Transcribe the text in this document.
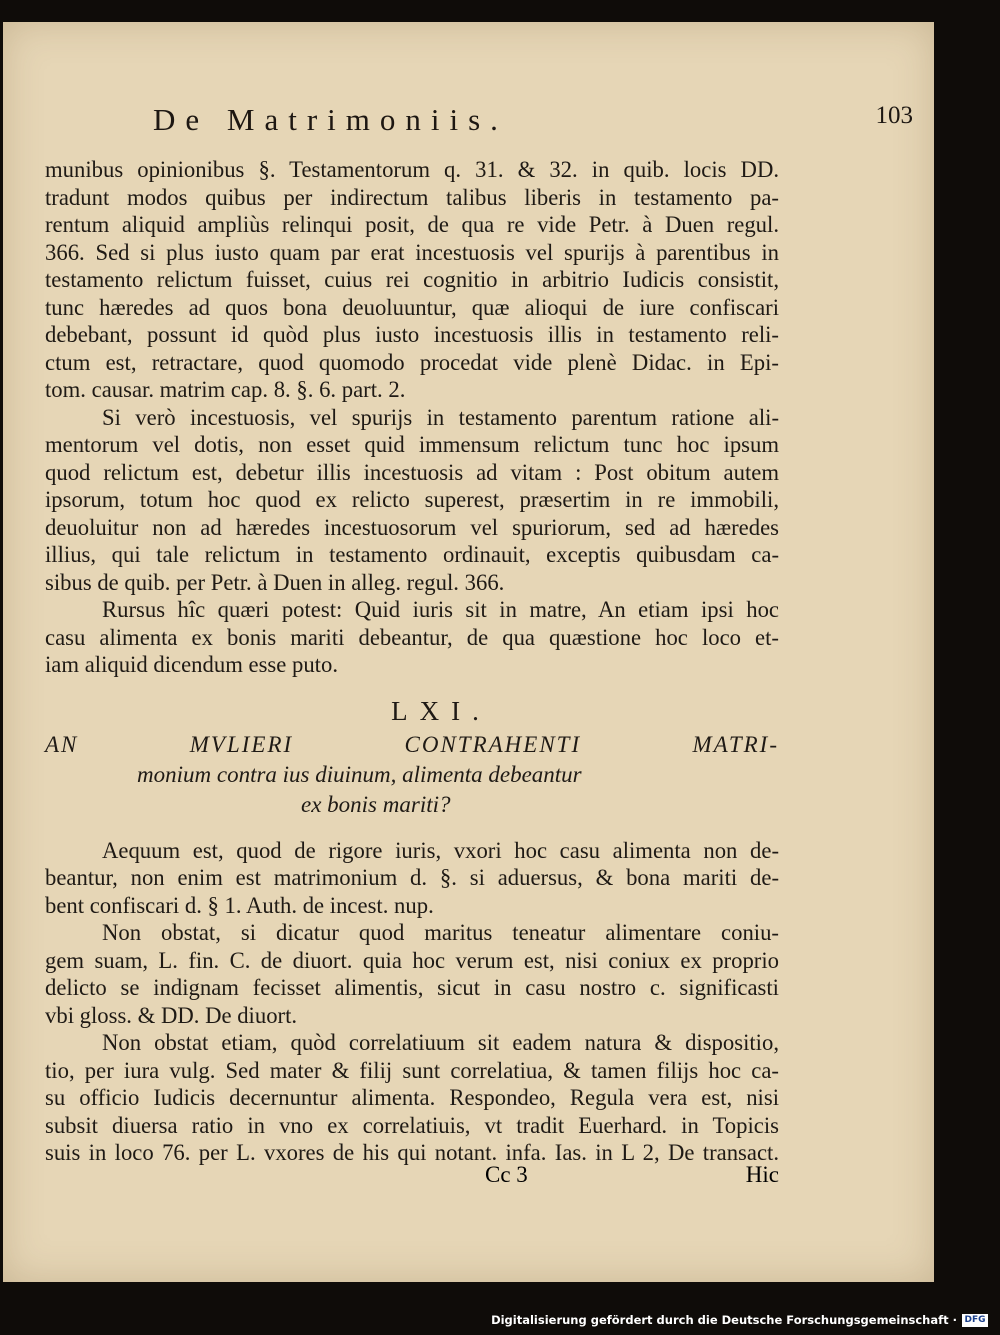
De Matrimoniis.	103
munibus opinionibus §. Testamentorum q. 31. & 32. in quib. locis DD.
tradunt modos quibus per indirectum talibus liberis in testamento pa-
rentum aliquid ampliùs relinqui posit, de qua re vide Petr. à Duen regul.
366. Sed si plus iusto quam par erat incestuosis vel spurijs à parentibus in
testamento relictum fuisset, cuius rei cognitio in arbitrio Iudicis consistit,
tunc hæredes ad quos bona deuoluuntur, quæ alioqui de iure confiscari
debebant, possunt id quòd plus iusto incestuosis illis in testamento reli-
ctum est, retractare, quod quomodo procedat vide plenè Didac. in Epi-
tom. causar. matrim cap. 8. §. 6. part. 2.
Si verò incestuosis, vel spurijs in testamento parentum ratione ali-
mentorum vel dotis, non esset quid immensum relictum tunc hoc ipsum
quod relictum est, debetur illis incestuosis ad vitam : Post obitum autem
ipsorum, totum hoc quod ex relicto superest, præsertim in re immobili,
deuoluitur non ad hæredes incestuosorum vel spuriorum, sed ad hæredes
illius, qui tale relictum in testamento ordinauit, exceptis quibusdam ca-
sibus de quib. per Petr. à Duen in alleg. regul. 366.
Rursus hîc quæri potest: Quid iuris sit in matre, An etiam ipsi hoc
casu alimenta ex bonis mariti debeantur, de qua quæstione hoc loco et-
iam aliquid dicendum esse puto.
LXI.
AN MVLIERI CONTRAHENTI MATRI-
monium contra ius diuinum, alimenta debeantur
ex bonis mariti?
Aequum est, quod de rigore iuris, vxori hoc casu alimenta non de-
beantur, non enim est matrimonium d. §. si aduersus, & bona mariti de-
bent confiscari d. § 1. Auth. de incest. nup.
Non obstat, si dicatur quod maritus teneatur alimentare coniu-
gem suam, L. fin. C. de diuort. quia hoc verum est, nisi coniux ex proprio
delicto se indignam fecisset alimentis, sicut in casu nostro c. significasti
vbi gloss. & DD. De diuort.
Non obstat etiam, quòd correlatiuum sit eadem natura & dispositio,
tio, per iura vulg. Sed mater & filij sunt correlatiua, & tamen filijs hoc ca-
su officio Iudicis decernuntur alimenta. Respondeo, Regula vera est, nisi
subsit diuersa ratio in vno ex correlatiuis, vt tradit Euerhard. in Topicis
suis in loco 76. per L. vxores de his qui notant. infa. Ias. in L 2, De transact.
Cc 3	Hic
Digitalisierung gefördert durch die Deutsche Forschungsgemeinschaft · DFG
